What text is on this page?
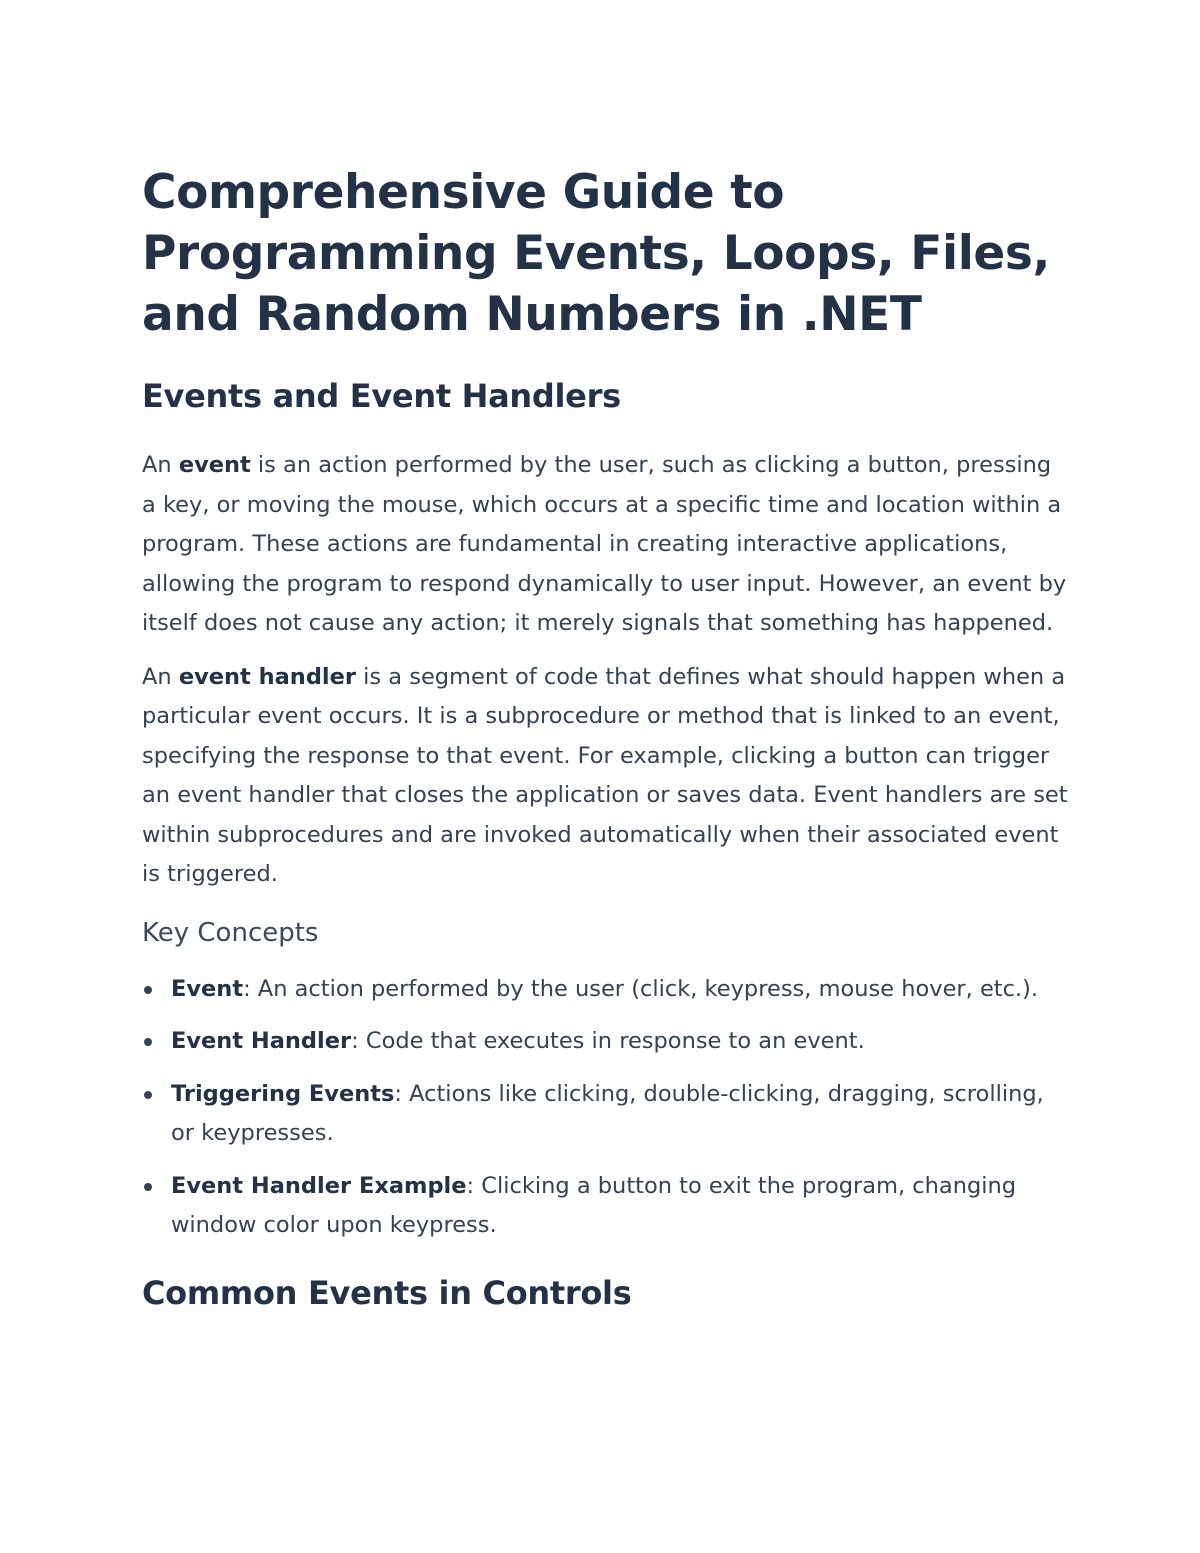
Comprehensive Guide to Programming Events, Loops, Files, and Random Numbers in .NET
Events and Event Handlers

An event is an action performed by the user, such as clicking a button, pressing a key, or moving the mouse, which occurs at a specific time and location within a program. These actions are fundamental in creating interactive applications, allowing the program to respond dynamically to user input. However, an event by itself does not cause any action; it merely signals that something has happened.

An event handler is a segment of code that defines what should happen when a particular event occurs. It is a subprocedure or method that is linked to an event, specifying the response to that event. For example, clicking a button can trigger an event handler that closes the application or saves data. Event handlers are set within subprocedures and are invoked automatically when their associated event is triggered.

Key Concepts
Event: An action performed by the user (click, keypress, mouse hover, etc.).
Event Handler: Code that executes in response to an event.
Triggering Events: Actions like clicking, double-clicking, dragging, scrolling, or keypresses.
Event Handler Example: Clicking a button to exit the program, changing window color upon keypress.
Common Events in Controls
